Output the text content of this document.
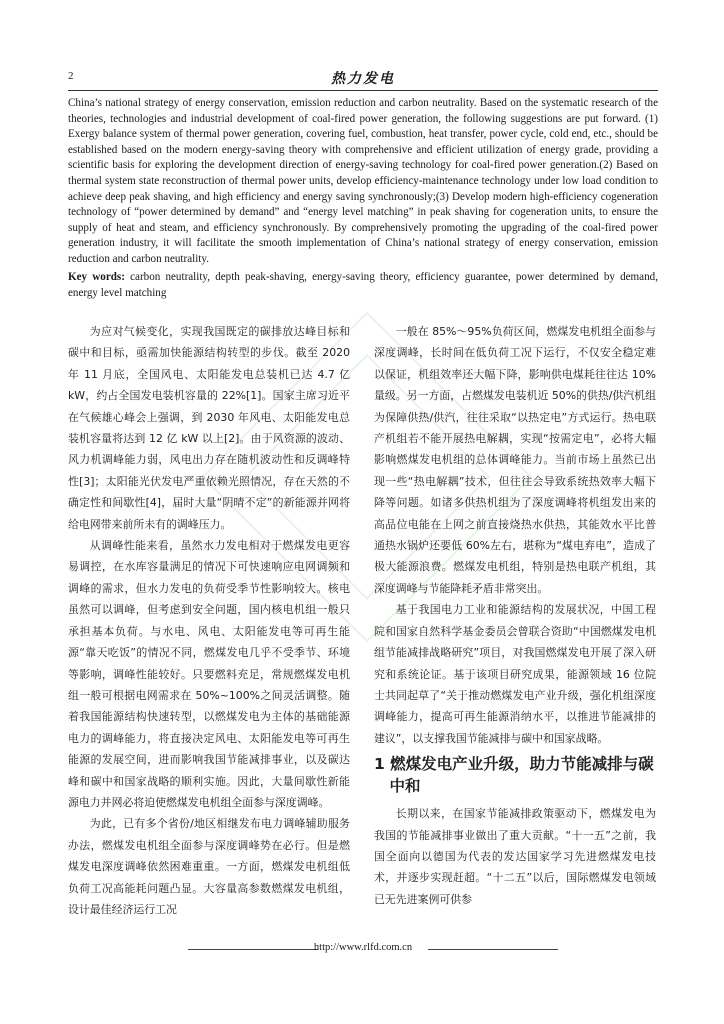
2	热力发电

China’s national strategy of energy conservation, emission reduction and carbon neutrality. Based on the systematic research of the theories, technologies and industrial development of coal-fired power generation, the following suggestions are put forward. (1) Exergy balance system of thermal power generation, covering fuel, combustion, heat transfer, power cycle, cold end, etc., should be established based on the modern energy-saving theory with comprehensive and efficient utilization of energy grade, providing a scientific basis for exploring the development direction of energy-saving technology for coal-fired power generation.(2) Based on thermal system state reconstruction of thermal power units, develop efficiency-maintenance technology under low load condition to achieve deep peak shaving, and high efficiency and energy saving synchronously;(3) Develop modern high-efficiency cogeneration technology of “power determined by demand” and “energy level matching” in peak shaving for cogeneration units, to ensure the supply of heat and steam, and efficiency synchronously. By comprehensively promoting the upgrading of the coal-fired power generation industry, it will facilitate the smooth implementation of China’s national strategy of energy conservation, emission reduction and carbon neutrality.

Key words: carbon neutrality, depth peak-shaving, energy-saving theory, efficiency guarantee, power determined by demand, energy level matching

为应对气候变化，实现我国既定的碳排放达峰目标和碳中和目标，亟需加快能源结构转型的步伐。截至 2020 年 11 月底，全国风电、太阳能发电总装机已达 4.7 亿 kW，约占全国发电装机容量的 22%[1]。国家主席习近平在气候雄心峰会上强调，到 2030 年风电、太阳能发电总装机容量将达到 12 亿 kW 以上[2]。由于风资源的波动、风力机调峰能力弱，风电出力存在随机波动性和反调峰特性[3]；太阳能光伏发电严重依赖光照情况，存在天然的不确定性和间歇性[4]，届时大量“阴晴不定”的新能源并网将给电网带来前所未有的调峰压力。

从调峰性能来看，虽然水力发电相对于燃煤发电更容易调控，在水库容量满足的情况下可快速响应电网调频和调峰的需求，但水力发电的负荷受季节性影响较大。核电虽然可以调峰，但考虑到安全问题，国内核电机组一般只承担基本负荷。与水电、风电、太阳能发电等可再生能源“靠天吃饭”的情况不同，燃煤发电几乎不受季节、环境等影响，调峰性能较好。只要燃料充足，常规燃煤发电机组一般可根据电网需求在 50%~100%之间灵活调整。随着我国能源结构快速转型，以燃煤发电为主体的基础能源电力的调峰能力，将直接决定风电、太阳能发电等可再生能源的发展空间，进而影响我国节能减排事业，以及碳达峰和碳中和国家战略的顺利实施。因此，大量间歇性新能源电力并网必将迫使燃煤发电机组全面参与深度调峰。

为此，已有多个省份/地区相继发布电力调峰辅助服务办法，燃煤发电机组全面参与深度调峰势在必行。但是燃煤发电深度调峰依然困难重重。一方面，燃煤发电机组低负荷工况高能耗问题凸显。大容量高参数燃煤发电机组，设计最佳经济运行工况

一般在 85%～95%负荷区间，燃煤发电机组全面参与深度调峰，长时间在低负荷工况下运行，不仅安全稳定难以保证，机组效率还大幅下降，影响供电煤耗往往达 10%量级。另一方面，占燃煤发电装机近 50%的供热/供汽机组为保障供热/供汽，往往采取“以热定电”方式运行。热电联产机组若不能开展热电解耦，实现“按需定电”，必将大幅影响燃煤发电机组的总体调峰能力。当前市场上虽然已出现一些“热电解耦”技术，但往往会导致系统热效率大幅下降等问题。如诸多供热机组为了深度调峰将机组发出来的高品位电能在上网之前直接烧热水供热，其能效水平比普通热水锅炉还要低 60%左右，堪称为“煤电弃电”，造成了极大能源浪费。燃煤发电机组，特别是热电联产机组，其深度调峰与节能降耗矛盾非常突出。

基于我国电力工业和能源结构的发展状况，中国工程院和国家自然科学基金委员会曾联合资助“中国燃煤发电机组节能减排战略研究”项目，对我国燃煤发电开展了深入研究和系统论证。基于该项目研究成果，能源领域 16 位院士共同起草了“关于推动燃煤发电产业升级，强化机组深度调峰能力，提高可再生能源消纳水平，以推进节能减排的建议”，以支撑我国节能减排与碳中和国家战略。

1 燃煤发电产业升级，助力节能减排与碳中和

长期以来，在国家节能减排政策驱动下，燃煤发电为我国的节能减排事业做出了重大贡献。“十一五”之前，我国全面向以德国为代表的发达国家学习先进燃煤发电技术，并逐步实现赶超。“十二五”以后，国际燃煤发电领域已无先进案例可供参

http://www.rlfd.com.cn
